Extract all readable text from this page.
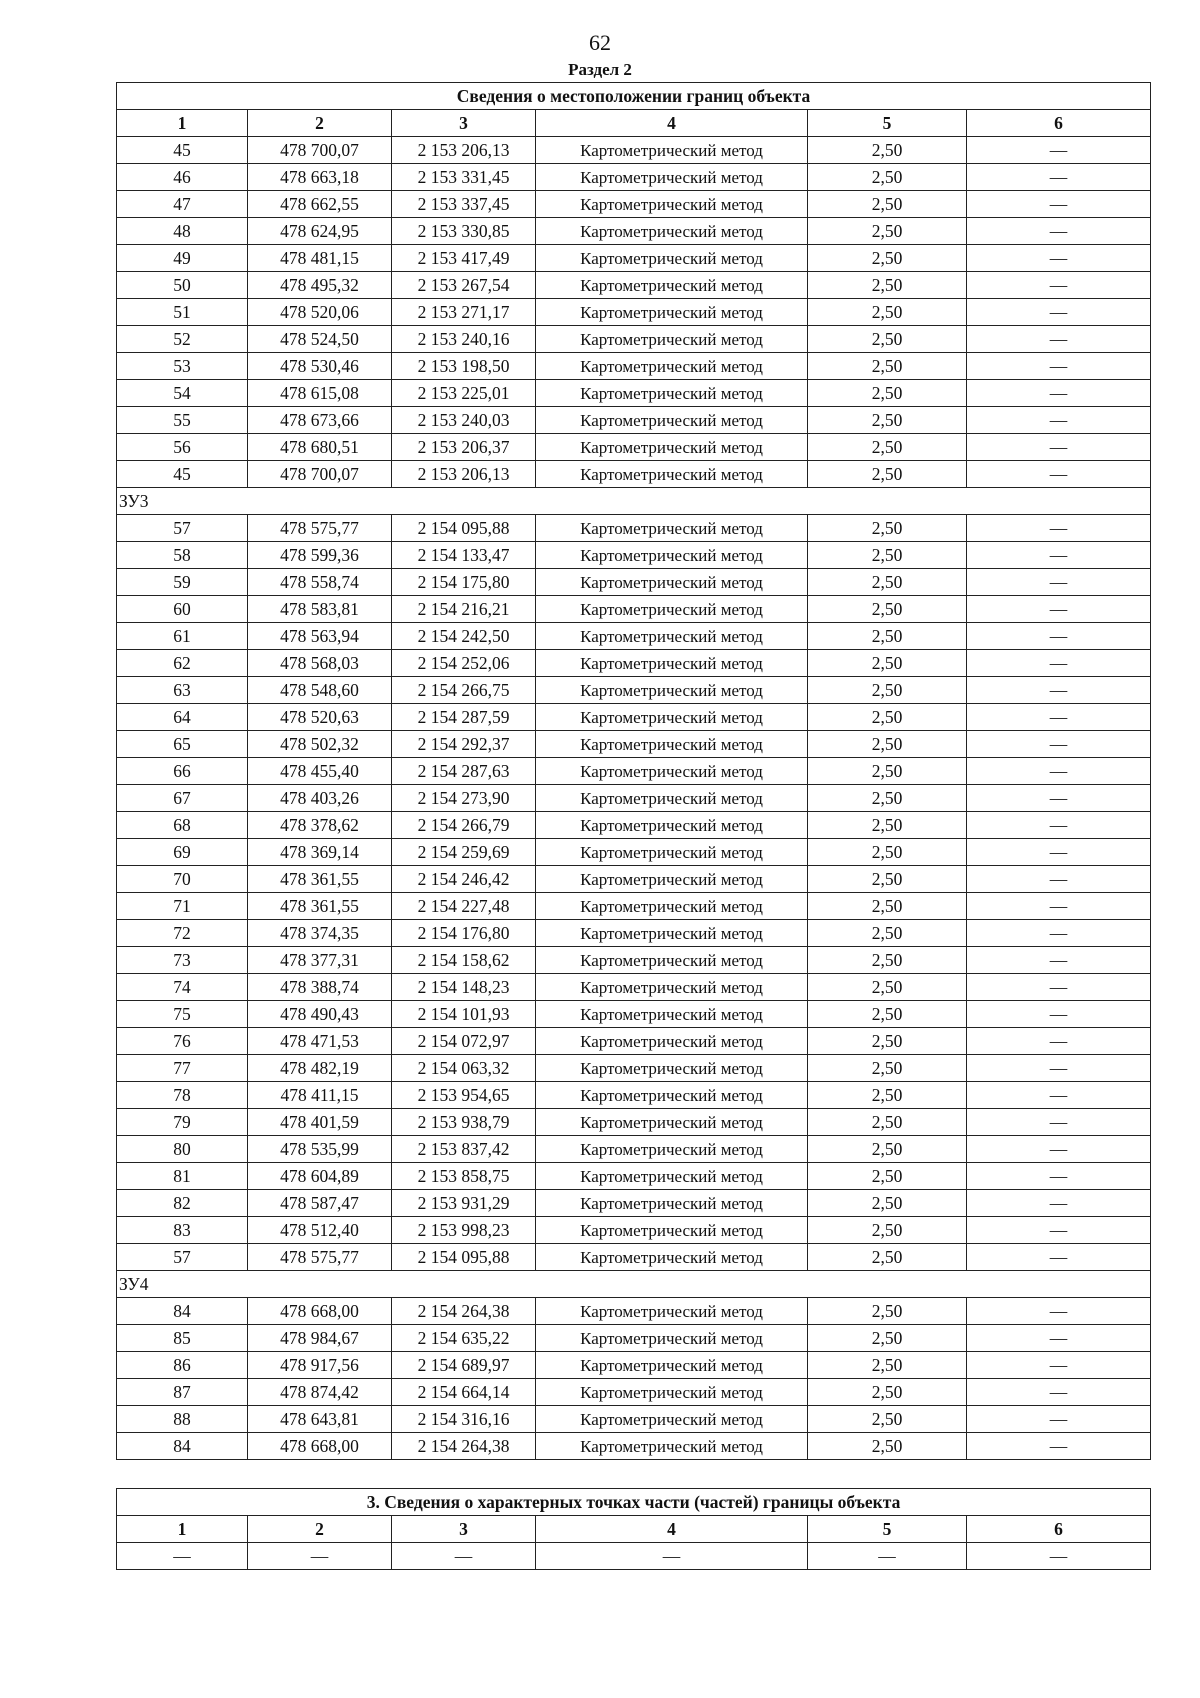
62
Раздел 2
Сведения о местоположении границ объекта					
1	2	3	4	5	6
45	478 700,07	2 153 206,13	Картометрический метод	2,50	—
46	478 663,18	2 153 331,45	Картометрический метод	2,50	—
47	478 662,55	2 153 337,45	Картометрический метод	2,50	—
48	478 624,95	2 153 330,85	Картометрический метод	2,50	—
49	478 481,15	2 153 417,49	Картометрический метод	2,50	—
50	478 495,32	2 153 267,54	Картометрический метод	2,50	—
51	478 520,06	2 153 271,17	Картометрический метод	2,50	—
52	478 524,50	2 153 240,16	Картометрический метод	2,50	—
53	478 530,46	2 153 198,50	Картометрический метод	2,50	—
54	478 615,08	2 153 225,01	Картометрический метод	2,50	—
55	478 673,66	2 153 240,03	Картометрический метод	2,50	—
56	478 680,51	2 153 206,37	Картометрический метод	2,50	—
45	478 700,07	2 153 206,13	Картометрический метод	2,50	—
ЗУ3					
57	478 575,77	2 154 095,88	Картометрический метод	2,50	—
58	478 599,36	2 154 133,47	Картометрический метод	2,50	—
59	478 558,74	2 154 175,80	Картометрический метод	2,50	—
60	478 583,81	2 154 216,21	Картометрический метод	2,50	—
61	478 563,94	2 154 242,50	Картометрический метод	2,50	—
62	478 568,03	2 154 252,06	Картометрический метод	2,50	—
63	478 548,60	2 154 266,75	Картометрический метод	2,50	—
64	478 520,63	2 154 287,59	Картометрический метод	2,50	—
65	478 502,32	2 154 292,37	Картометрический метод	2,50	—
66	478 455,40	2 154 287,63	Картометрический метод	2,50	—
67	478 403,26	2 154 273,90	Картометрический метод	2,50	—
68	478 378,62	2 154 266,79	Картометрический метод	2,50	—
69	478 369,14	2 154 259,69	Картометрический метод	2,50	—
70	478 361,55	2 154 246,42	Картометрический метод	2,50	—
71	478 361,55	2 154 227,48	Картометрический метод	2,50	—
72	478 374,35	2 154 176,80	Картометрический метод	2,50	—
73	478 377,31	2 154 158,62	Картометрический метод	2,50	—
74	478 388,74	2 154 148,23	Картометрический метод	2,50	—
75	478 490,43	2 154 101,93	Картометрический метод	2,50	—
76	478 471,53	2 154 072,97	Картометрический метод	2,50	—
77	478 482,19	2 154 063,32	Картометрический метод	2,50	—
78	478 411,15	2 153 954,65	Картометрический метод	2,50	—
79	478 401,59	2 153 938,79	Картометрический метод	2,50	—
80	478 535,99	2 153 837,42	Картометрический метод	2,50	—
81	478 604,89	2 153 858,75	Картометрический метод	2,50	—
82	478 587,47	2 153 931,29	Картометрический метод	2,50	—
83	478 512,40	2 153 998,23	Картометрический метод	2,50	—
57	478 575,77	2 154 095,88	Картометрический метод	2,50	—
ЗУ4					
84	478 668,00	2 154 264,38	Картометрический метод	2,50	—
85	478 984,67	2 154 635,22	Картометрический метод	2,50	—
86	478 917,56	2 154 689,97	Картометрический метод	2,50	—
87	478 874,42	2 154 664,14	Картометрический метод	2,50	—
88	478 643,81	2 154 316,16	Картометрический метод	2,50	—
84	478 668,00	2 154 264,38	Картометрический метод	2,50	—
3. Сведения о характерных точках части (частей) границы объекта					
1	2	3	4	5	6
—	—	—	—	—	—
